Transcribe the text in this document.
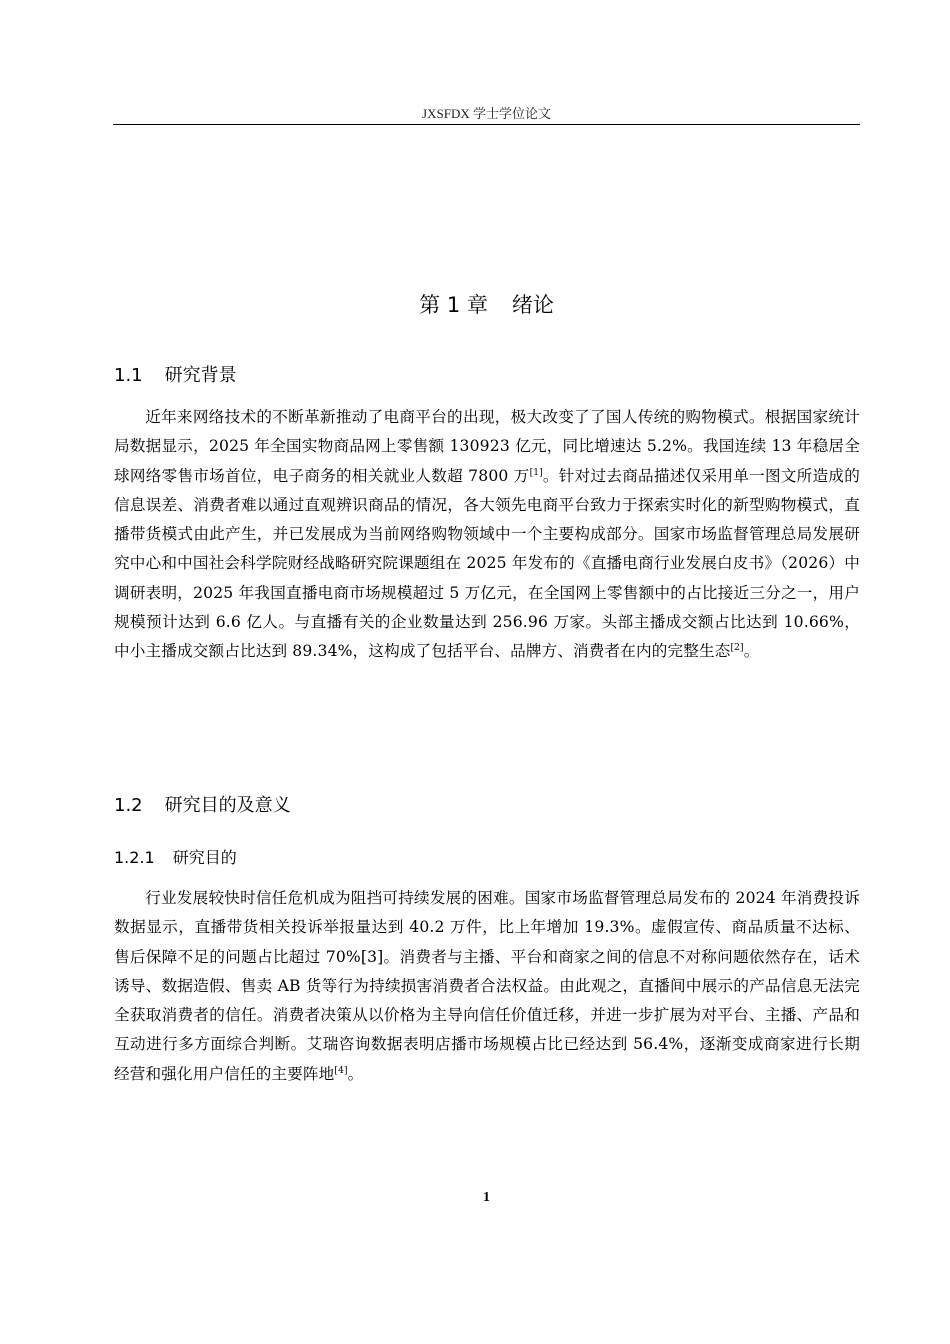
JXSFDX 学士学位论文
第 1 章 绪论
1.1 研究背景

近年来网络技术的不断革新推动了电商平台的出现，极大改变了了国人传统的购物模式。根据国家统计局数据显示，2025 年全国实物商品网上零售额 130923 亿元，同比增速达 5.2%。我国连续 13 年稳居全球网络零售市场首位，电子商务的相关就业人数超 7800 万[1]。针对过去商品描述仅采用单一图文所造成的信息误差、消费者难以通过直观辨识商品的情况，各大领先电商平台致力于探索实时化的新型购物模式，直播带货模式由此产生，并已发展成为当前网络购物领域中一个主要构成部分。国家市场监督管理总局发展研究中心和中国社会科学院财经战略研究院课题组在 2025 年发布的《直播电商行业发展白皮书》（2026）中调研表明，2025 年我国直播电商市场规模超过 5 万亿元，在全国网上零售额中的占比接近三分之一，用户规模预计达到 6.6 亿人。与直播有关的企业数量达到 256.96 万家。头部主播成交额占比达到 10.66%，中小主播成交额占比达到 89.34%，这构成了包括平台、品牌方、消费者在内的完整生态[2]。

1.2 研究目的及意义
1.2.1 研究目的

行业发展较快时信任危机成为阻挡可持续发展的困难。国家市场监督管理总局发布的 2024 年消费投诉数据显示，直播带货相关投诉举报量达到 40.2 万件，比上年增加 19.3%。虚假宣传、商品质量不达标、售后保障不足的问题占比超过 70%[3]。消费者与主播、平台和商家之间的信息不对称问题依然存在，话术诱导、数据造假、售卖 AB 货等行为持续损害消费者合法权益。由此观之，直播间中展示的产品信息无法完全获取消费者的信任。消费者决策从以价格为主导向信任价值迁移，并进一步扩展为对平台、主播、产品和互动进行多方面综合判断。艾瑞咨询数据表明店播市场规模占比已经达到 56.4%，逐渐变成商家进行长期经营和强化用户信任的主要阵地[4]。

1
